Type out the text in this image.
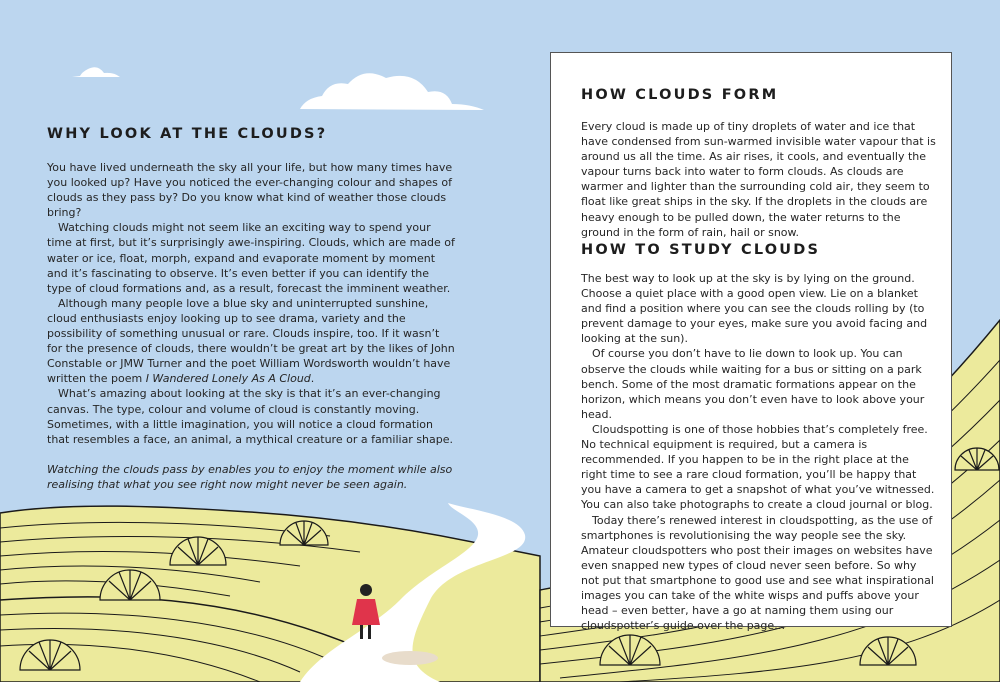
WHY LOOK AT THE CLOUDS?

You have lived underneath the sky all your life, but how many times have you looked up? Have you noticed the ever-changing colour and shapes of clouds as they pass by? Do you know what kind of weather those clouds bring?

Watching clouds might not seem like an exciting way to spend your time at first, but it’s surprisingly awe-inspiring. Clouds, which are made of water or ice, float, morph, expand and evaporate moment by moment and it’s fascinating to observe. It’s even better if you can identify the type of cloud formations and, as a result, forecast the imminent weather.

Although many people love a blue sky and uninterrupted sunshine, cloud enthusiasts enjoy looking up to see drama, variety and the possibility of something unusual or rare. Clouds inspire, too. If it wasn’t for the presence of clouds, there wouldn’t be great art by the likes of John Constable or JMW Turner and the poet William Wordsworth wouldn’t have written the poem I Wandered Lonely As A Cloud.

What’s amazing about looking at the sky is that it’s an ever-changing canvas. The type, colour and volume of cloud is constantly moving. Sometimes, with a little imagination, you will notice a cloud formation that resembles a face, an animal, a mythical creature or a familiar shape.

Watching the clouds pass by enables you to enjoy the moment while also realising that what you see right now might never be seen again.

HOW CLOUDS FORM

Every cloud is made up of tiny droplets of water and ice that have condensed from sun-warmed invisible water vapour that is around us all the time. As air rises, it cools, and eventually the vapour turns back into water to form clouds. As clouds are warmer and lighter than the surrounding cold air, they seem to float like great ships in the sky. If the droplets in the clouds are heavy enough to be pulled down, the water returns to the ground in the form of rain, hail or snow.

HOW TO STUDY CLOUDS

The best way to look up at the sky is by lying on the ground. Choose a quiet place with a good open view. Lie on a blanket and find a position where you can see the clouds rolling by (to prevent damage to your eyes, make sure you avoid facing and looking at the sun).

Of course you don’t have to lie down to look up. You can observe the clouds while waiting for a bus or sitting on a park bench. Some of the most dramatic formations appear on the horizon, which means you don’t even have to look above your head.

Cloudspotting is one of those hobbies that’s completely free. No technical equipment is required, but a camera is recommended. If you happen to be in the right place at the right time to see a rare cloud formation, you’ll be happy that you have a camera to get a snapshot of what you’ve witnessed. You can also take photographs to create a cloud journal or blog.

Today there’s renewed interest in cloudspotting, as the use of smartphones is revolutionising the way people see the sky. Amateur cloudspotters who post their images on websites have even snapped new types of cloud never seen before. So why not put that smartphone to good use and see what inspirational images you can take of the white wisps and puffs above your head – even better, have a go at naming them using our cloudspotter’s guide over the page…
